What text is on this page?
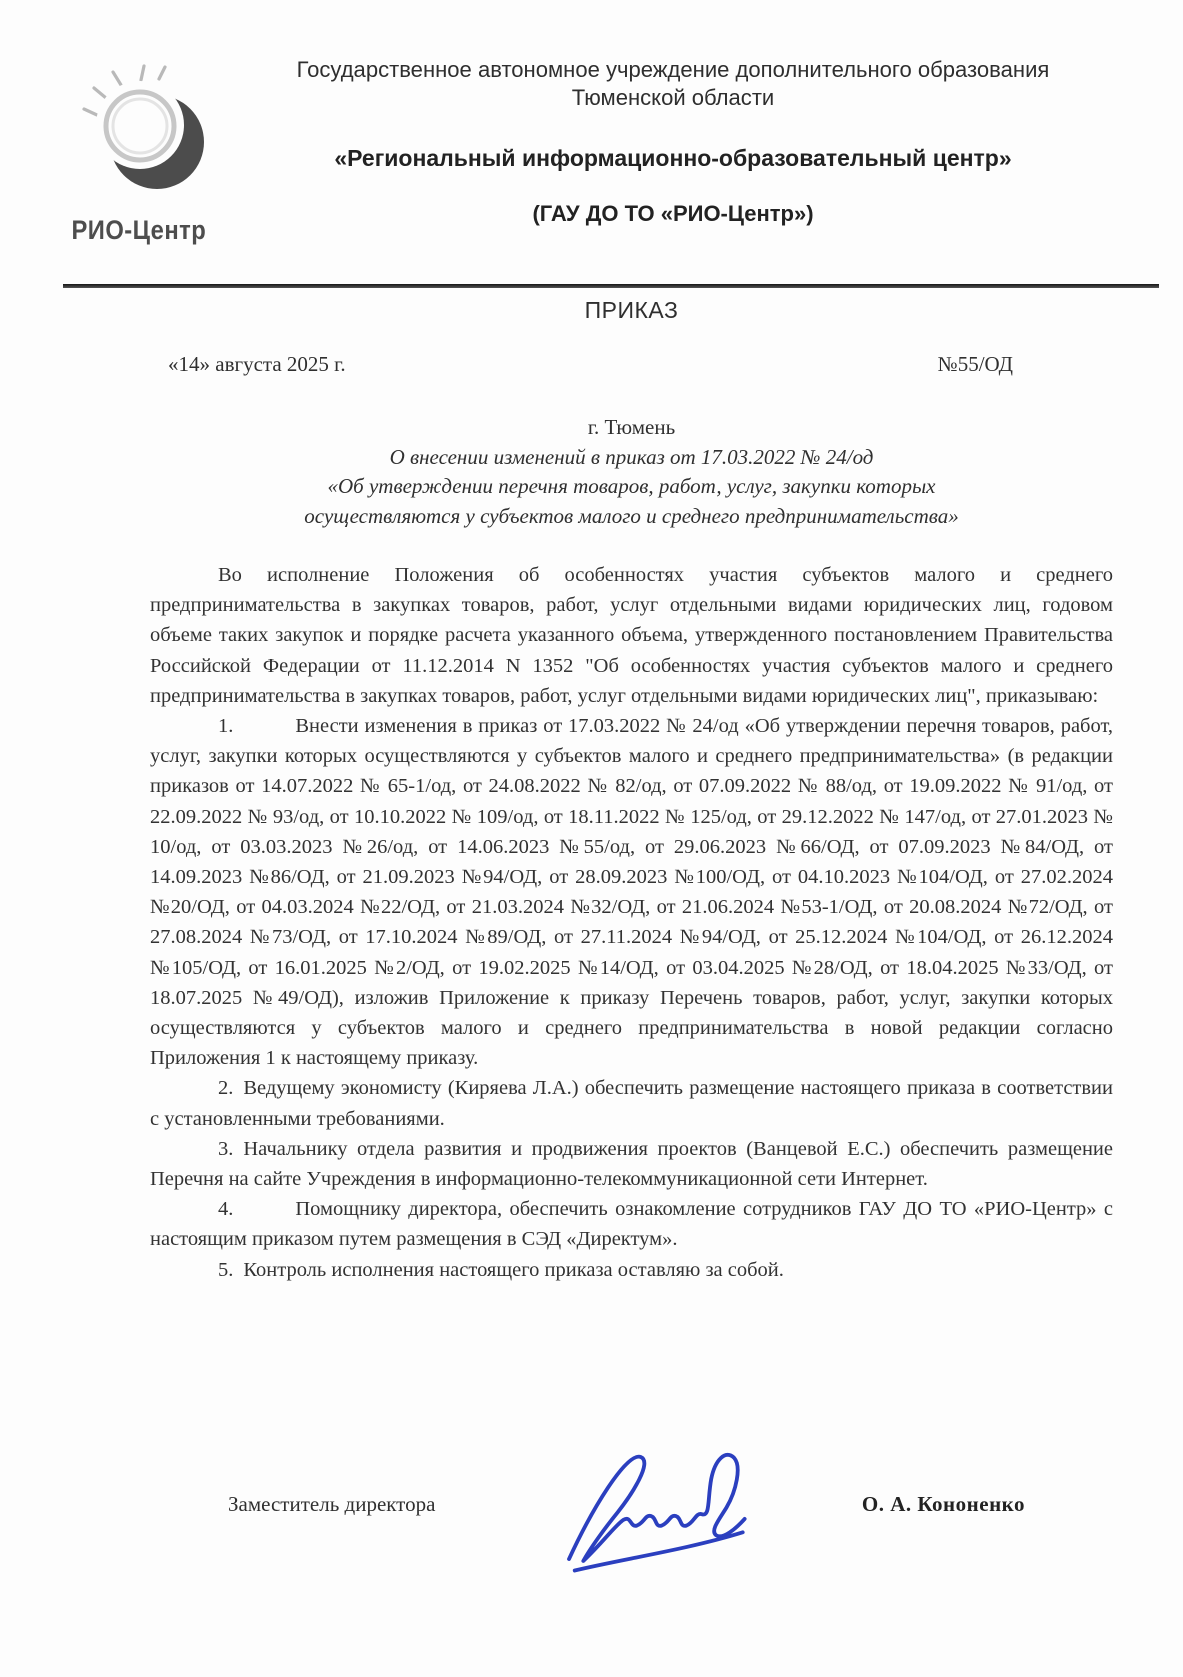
РИО-Центр
Государственное автономное учреждение дополнительного образования
Тюменской области
«Региональный информационно-образовательный центр»
(ГАУ ДО ТО «РИО-Центр»)
ПРИКАЗ
«14» августа 2025 г.	№55/ОД
г. Тюмень
О внесении изменений в приказ от 17.03.2022 № 24/од
«Об утверждении перечня товаров, работ, услуг, закупки которых
осуществляются у субъектов малого и среднего предпринимательства»

Во исполнение Положения об особенностях участия субъектов малого и среднего предпринимательства в закупках товаров, работ, услуг отдельными видами юридических лиц, годовом объеме таких закупок и порядке расчета указанного объема, утвержденного постановлением Правительства Российской Федерации от 11.12.2014 N 1352 "Об особенностях участия субъектов малого и среднего предпринимательства в закупках товаров, работ, услуг отдельными видами юридических лиц", приказываю:

1.	Внести изменения в приказ от 17.03.2022 № 24/од «Об утверждении перечня товаров, работ, услуг, закупки которых осуществляются у субъектов малого и среднего предпринимательства» (в редакции приказов от 14.07.2022 № 65-1/од, от 24.08.2022 № 82/од, от 07.09.2022 № 88/од, от 19.09.2022 № 91/од, от 22.09.2022 № 93/од, от 10.10.2022 № 109/од, от 18.11.2022 № 125/од, от 29.12.2022 № 147/од, от 27.01.2023 № 10/од, от 03.03.2023 №26/од, от 14.06.2023 №55/од, от 29.06.2023 №66/ОД, от 07.09.2023 №84/ОД, от 14.09.2023 №86/ОД, от 21.09.2023 №94/ОД, от 28.09.2023 №100/ОД, от 04.10.2023 №104/ОД, от 27.02.2024 №20/ОД, от 04.03.2024 №22/ОД, от 21.03.2024 №32/ОД, от 21.06.2024 №53-1/ОД, от 20.08.2024 №72/ОД, от 27.08.2024 №73/ОД, от 17.10.2024 №89/ОД, от 27.11.2024 №94/ОД, от 25.12.2024 №104/ОД, от 26.12.2024 №105/ОД, от 16.01.2025 №2/ОД, от 19.02.2025 №14/ОД, от 03.04.2025 №28/ОД, от 18.04.2025 №33/ОД, от 18.07.2025 №49/ОД), изложив Приложение к приказу Перечень товаров, работ, услуг, закупки которых осуществляются у субъектов малого и среднего предпринимательства в новой редакции согласно Приложения 1 к настоящему приказу.

2. Ведущему экономисту (Киряева Л.А.) обеспечить размещение настоящего приказа в соответствии с установленными требованиями.

3. Начальнику отдела развития и продвижения проектов (Ванцевой Е.С.) обеспечить размещение Перечня на сайте Учреждения в информационно-телекоммуникационной сети Интернет.

4.	Помощнику директора, обеспечить ознакомление сотрудников ГАУ ДО ТО «РИО-Центр» с настоящим приказом путем размещения в СЭД «Директум».

5. Контроль исполнения настоящего приказа оставляю за собой.

Заместитель директора	О. А. Кононенко
